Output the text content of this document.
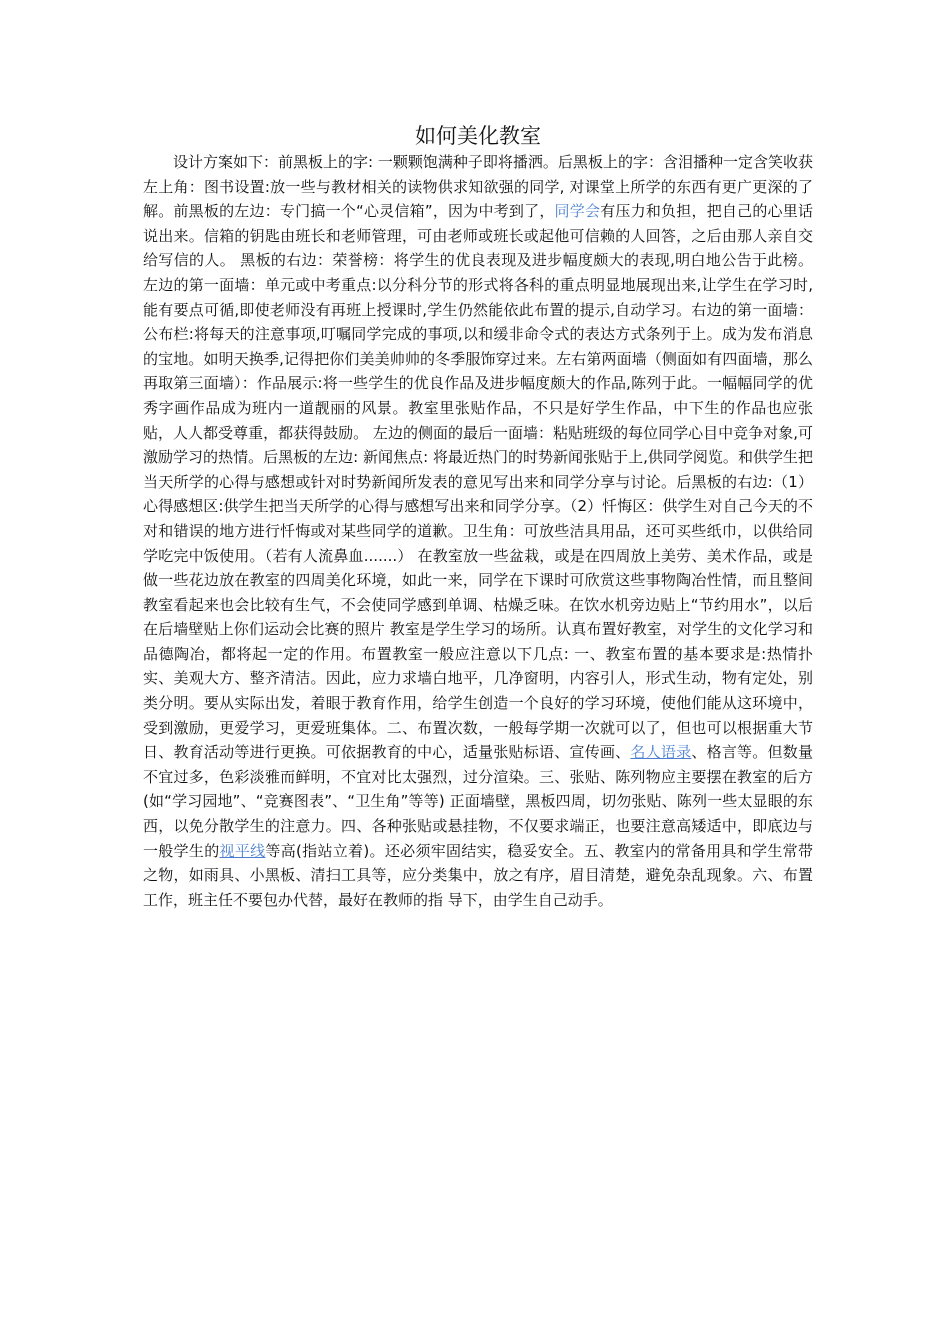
如何美化教室

设计方案如下：前黑板上的字: 一颗颗饱满种子即将播洒。后黑板上的字：含泪播种一定含笑收获 左上角：图书设置:放一些与教材相关的读物供求知欲强的同学, 对课堂上所学的东西有更广更深的了解。前黑板的左边：专门搞一个“心灵信箱”，因为中考到了，同学会有压力和负担，把自己的心里话说出来。信箱的钥匙由班长和老师管理，可由老师或班长或起他可信赖的人回答，之后由那人亲自交给写信的人。 黑板的右边：荣誉榜：将学生的优良表现及进步幅度颇大的表现,明白地公告于此榜。 左边的第一面墙：单元或中考重点:以分科分节的形式将各科的重点明显地展现出来,让学生在学习时,能有要点可循,即使老师没有再班上授课时,学生仍然能依此布置的提示,自动学习。右边的第一面墙：公布栏:将每天的注意事项,叮嘱同学完成的事项,以和缓非命令式的表达方式条列于上。成为发布消息的宝地。如明天换季,记得把你们美美帅帅的冬季服饰穿过来。左右第两面墙（侧面如有四面墙，那么再取第三面墙）：作品展示:将一些学生的优良作品及进步幅度颇大的作品,陈列于此。一幅幅同学的优秀字画作品成为班内一道靓丽的风景。教室里张贴作品，不只是好学生作品，中下生的作品也应张贴，人人都受尊重，都获得鼓励。 左边的侧面的最后一面墙：粘贴班级的每位同学心目中竞争对象,可激励学习的热情。后黑板的左边: 新闻焦点: 将最近热门的时势新闻张贴于上,供同学阅览。和供学生把当天所学的心得与感想或针对时势新闻所发表的意见写出来和同学分享与讨论。后黑板的右边:（1）心得感想区:供学生把当天所学的心得与感想写出来和同学分享。（2）忏悔区：供学生对自己今天的不对和错误的地方进行忏悔或对某些同学的道歉。卫生角：可放些洁具用品，还可买些纸巾，以供给同学吃完中饭使用。（若有人流鼻血.......） 在教室放一些盆栽，或是在四周放上美劳、美术作品，或是做一些花边放在教室的四周美化环境，如此一来，同学在下课时可欣赏这些事物陶冶性情，而且整间教室看起来也会比较有生气，不会使同学感到单调、枯燥乏味。在饮水机旁边贴上“节约用水”，以后在后墙壁贴上你们运动会比赛的照片 教室是学生学习的场所。认真布置好教室，对学生的文化学习和品德陶冶，都将起一定的作用。布置教室一般应注意以下几点: 一、教室布置的基本要求是:热情扑实、美观大方、整齐清洁。因此，应力求墙白地平，几净窗明，内容引人，形式生动，物有定处，别类分明。要从实际出发，着眼于教育作用，给学生创造一个良好的学习环境，使他们能从这环境中，受到激励，更爱学习，更爱班集体。二、布置次数，一般每学期一次就可以了，但也可以根据重大节日、教育活动等进行更换。可依据教育的中心，适量张贴标语、宣传画、名人语录、格言等。但数量不宜过多，色彩淡雅而鲜明，不宜对比太强烈，过分渲染。三、张贴、陈列物应主要摆在教室的后方(如“学习园地”、“竞赛图表”、“卫生角”等等) 正面墙壁，黑板四周，切勿张贴、陈列一些太显眼的东西，以免分散学生的注意力。四、各种张贴或悬挂物，不仅要求端正，也要注意高矮适中，即底边与一般学生的视平线等高(指站立着)。还必须牢固结实，稳妥安全。五、教室内的常备用具和学生常带之物，如雨具、小黑板、清扫工具等，应分类集中，放之有序，眉目清楚，避免杂乱现象。六、布置工作，班主任不要包办代替，最好在教师的指 导下，由学生自己动手。
